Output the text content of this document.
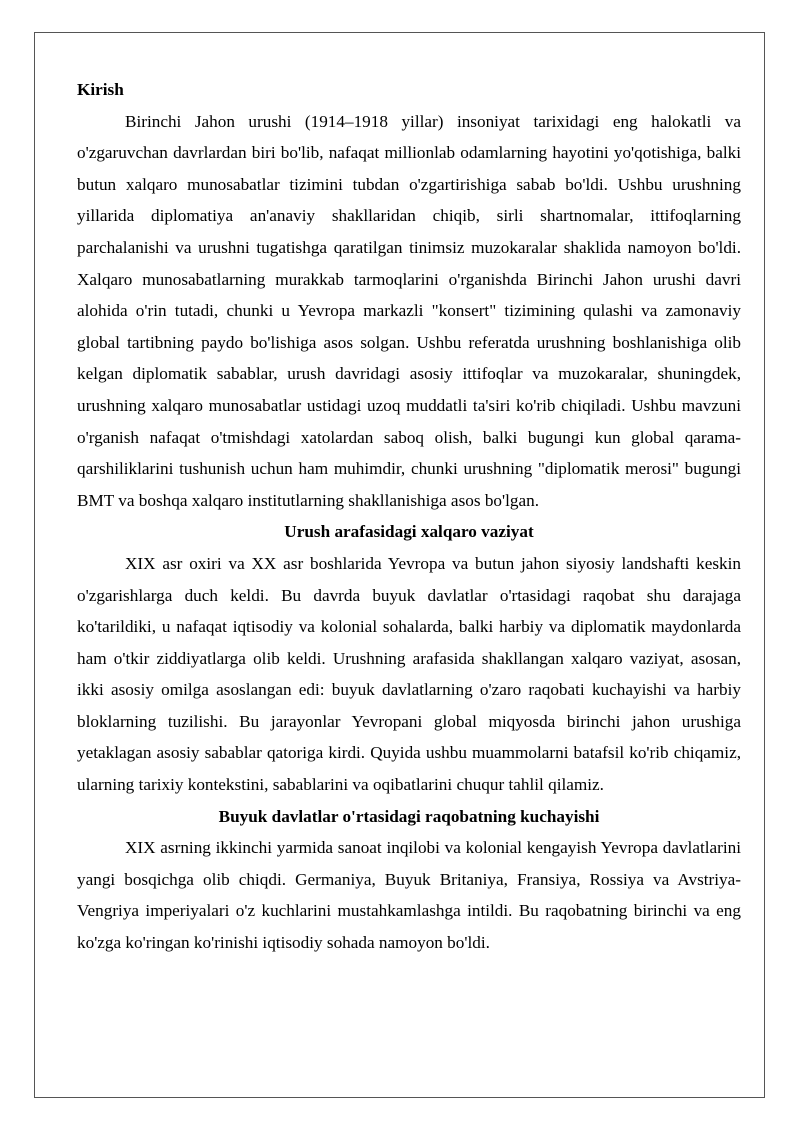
Kirish

Birinchi Jahon urushi (1914–1918 yillar) insoniyat tarixidagi eng halokatli va o'zgaruvchan davrlardan biri bo'lib, nafaqat millionlab odamlarning hayotini yo'qotishiga, balki butun xalqaro munosabatlar tizimini tubdan o'zgartirishiga sabab bo'ldi. Ushbu urushning yillarida diplomatiya an'anaviy shakllaridan chiqib, sirli shartnomalar, ittifoqlarning parchalanishi va urushni tugatishga qaratilgan tinimsiz muzokaralar shaklida namoyon bo'ldi. Xalqaro munosabatlarning murakkab tarmoqlarini o'rganishda Birinchi Jahon urushi davri alohida o'rin tutadi, chunki u Yevropa markazli "konsert" tizimining qulashi va zamonaviy global tartibning paydo bo'lishiga asos solgan. Ushbu referatda urushning boshlanishiga olib kelgan diplomatik sabablar, urush davridagi asosiy ittifoqlar va muzokaralar, shuningdek, urushning xalqaro munosabatlar ustidagi uzoq muddatli ta'siri ko'rib chiqiladi. Ushbu mavzuni o'rganish nafaqat o'tmishdagi xatolardan saboq olish, balki bugungi kun global qarama-qarshiliklarini tushunish uchun ham muhimdir, chunki urushning "diplomatik merosi" bugungi BMT va boshqa xalqaro institutlarning shakllanishiga asos bo'lgan.

Urush arafasidagi xalqaro vaziyat

XIX asr oxiri va XX asr boshlarida Yevropa va butun jahon siyosiy landshafti keskin o'zgarishlarga duch keldi. Bu davrda buyuk davlatlar o'rtasidagi raqobat shu darajaga ko'tarildiki, u nafaqat iqtisodiy va kolonial sohalarda, balki harbiy va diplomatik maydonlarda ham o'tkir ziddiyatlarga olib keldi. Urushning arafasida shakllangan xalqaro vaziyat, asosan, ikki asosiy omilga asoslangan edi: buyuk davlatlarning o'zaro raqobati kuchayishi va harbiy bloklarning tuzilishi. Bu jarayonlar Yevropani global miqyosda birinchi jahon urushiga yetaklagan asosiy sabablar qatoriga kirdi. Quyida ushbu muammolarni batafsil ko'rib chiqamiz, ularning tarixiy kontekstini, sabablarini va oqibatlarini chuqur tahlil qilamiz.

Buyuk davlatlar o'rtasidagi raqobatning kuchayishi

XIX asrning ikkinchi yarmida sanoat inqilobi va kolonial kengayish Yevropa davlatlarini yangi bosqichga olib chiqdi. Germaniya, Buyuk Britaniya, Fransiya, Rossiya va Avstriya-Vengriya imperiyalari o'z kuchlarini mustahkamlashga intildi. Bu raqobatning birinchi va eng ko'zga ko'ringan ko'rinishi iqtisodiy sohada namoyon bo'ldi.
